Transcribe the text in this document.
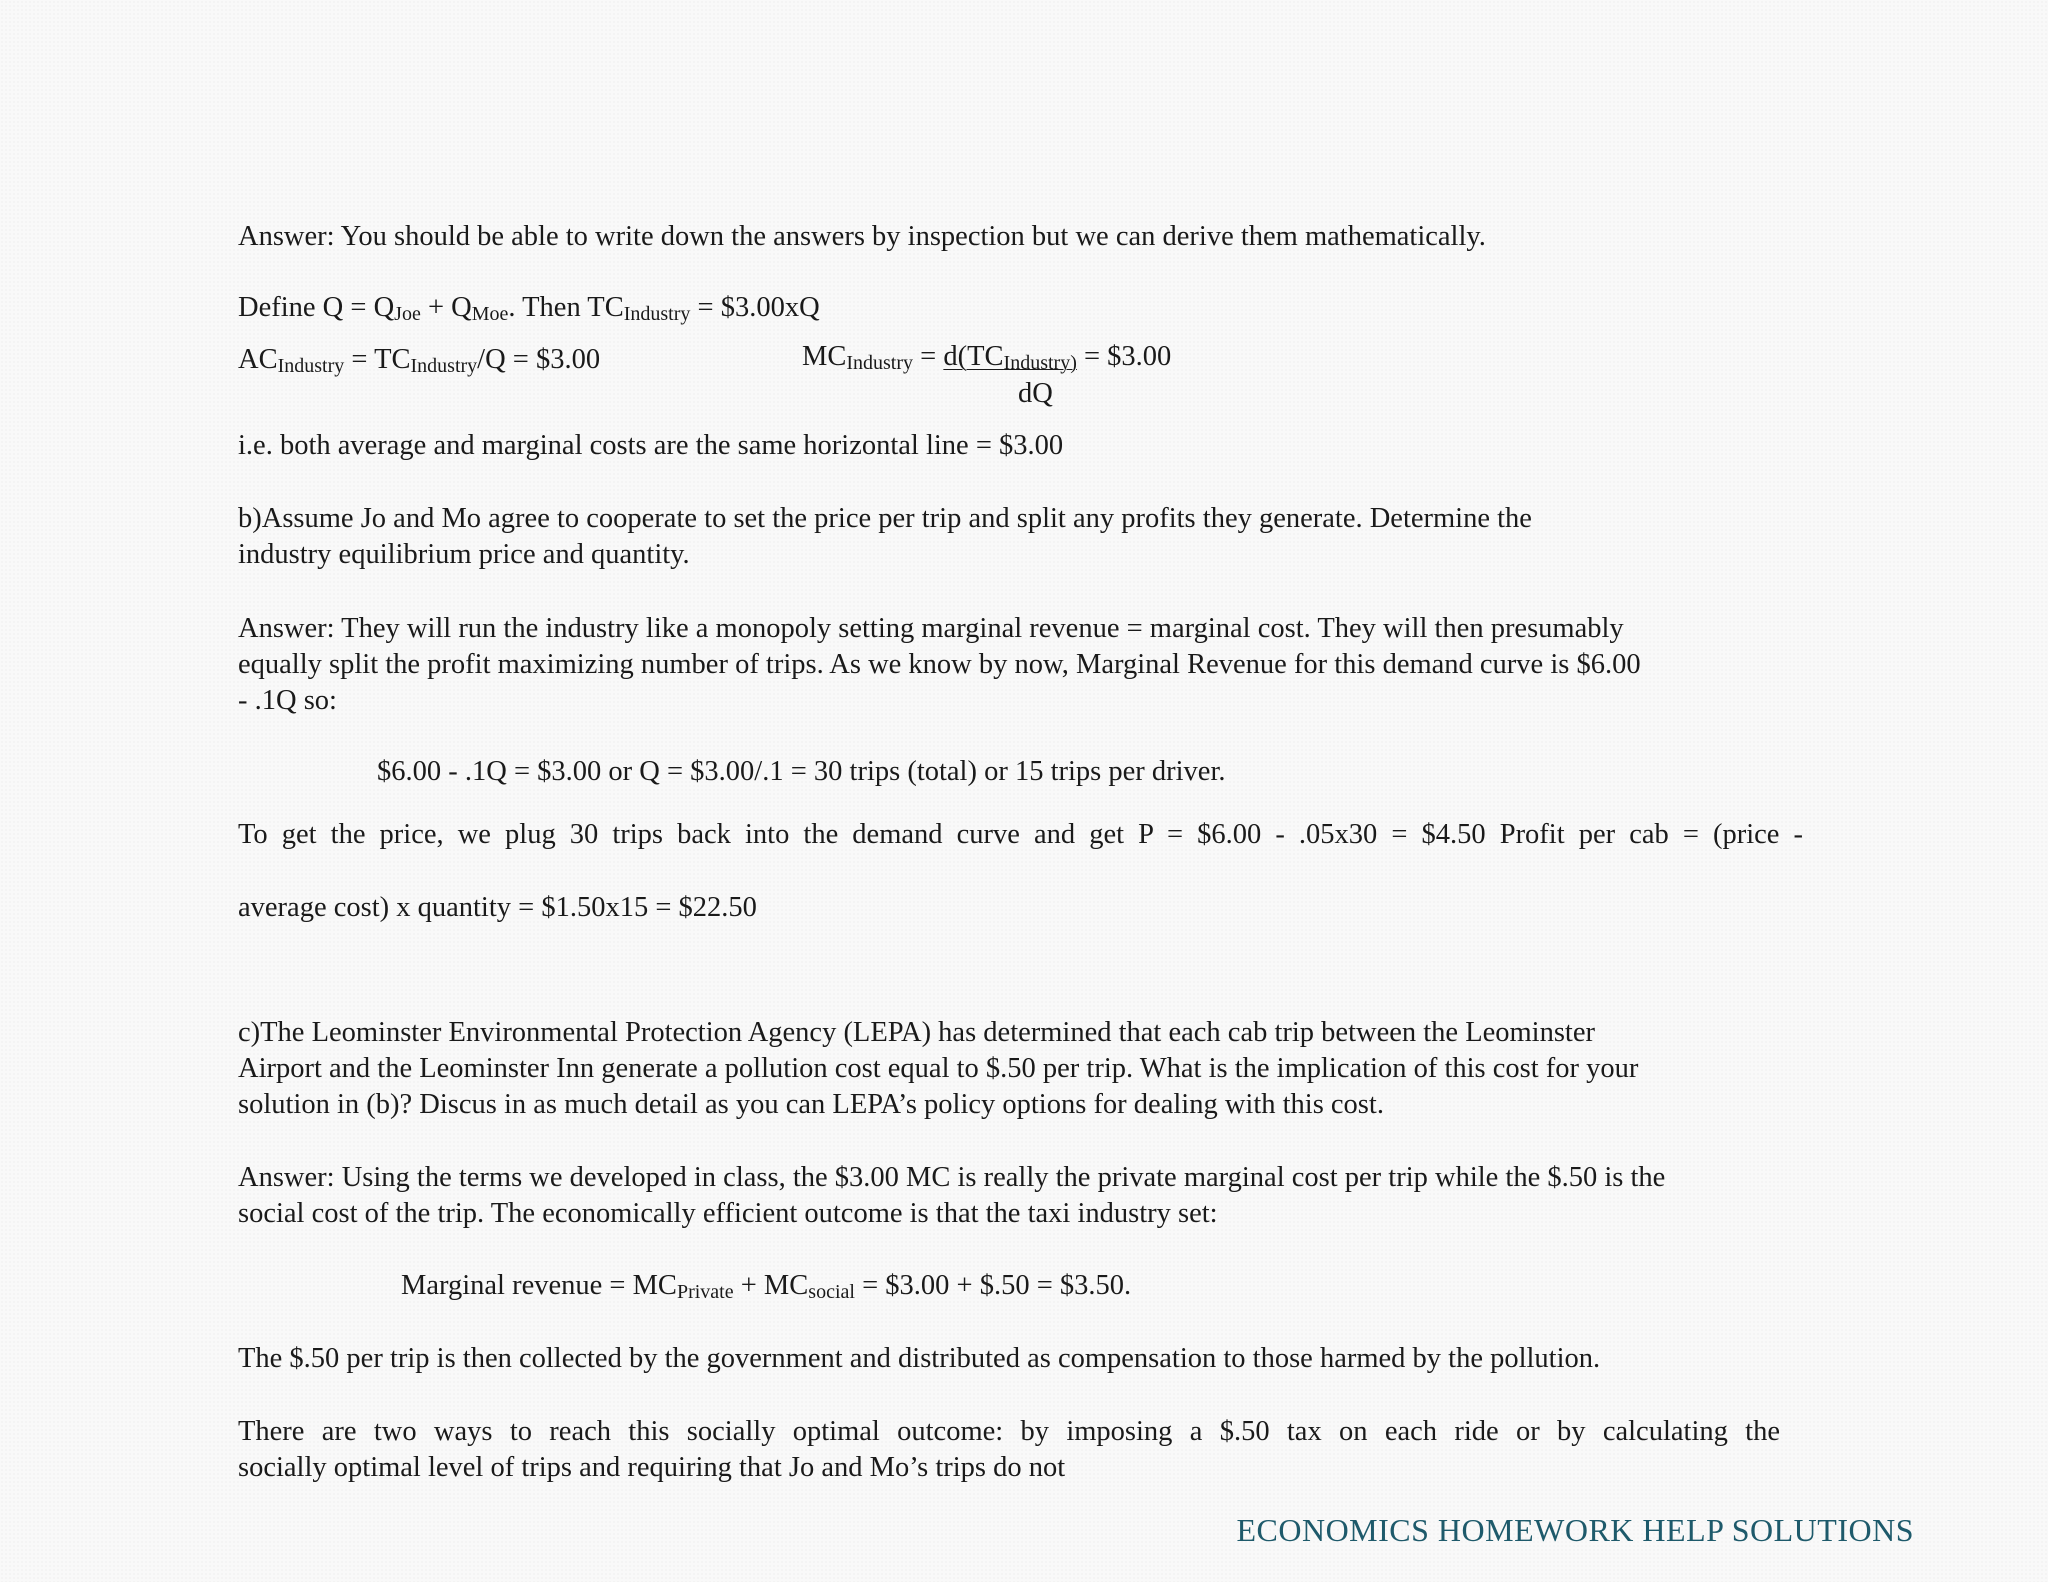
Answer: You should be able to write down the answers by inspection but we can derive them mathematically.
Define $Q = Q_{Joe} + Q_{Moe}$. Then $TC_{Industry}$ = $3.00xQ
$AC_{Industry} = TC_{Industry}/Q$ = $3.00	$MC_{Industry} = d(TC_{Industry)}$ = $3.00
dQ
i.e. both average and marginal costs are the same horizontal line = $3.00
b)Assume Jo and Mo agree to cooperate to set the price per trip and split any profits they generate. Determine the
industry equilibrium price and quantity.
Answer: They will run the industry like a monopoly setting marginal revenue = marginal cost. They will then presumably
equally split the profit maximizing number of trips. As we know by now, Marginal Revenue for this demand curve is $6.00
- .1Q so:
$6.00 - .1Q = $3.00 or Q = $3.00/.1 = 30 trips (total) or 15 trips per driver.
To get the price, we plug 30 trips back into the demand curve and get P = $6.00 - .05x30 = $4.50 Profit per cab = (price -
average cost) x quantity = $1.50x15 = $22.50
c)The Leominster Environmental Protection Agency (LEPA) has determined that each cab trip between the Leominster
Airport and the Leominster Inn generate a pollution cost equal to $.50 per trip. What is the implication of this cost for your
solution in (b)? Discus in as much detail as you can LEPA’s policy options for dealing with this cost.
Answer: Using the terms we developed in class, the $3.00 MC is really the private marginal cost per trip while the $.50 is the
social cost of the trip. The economically efficient outcome is that the taxi industry set:
Marginal revenue = $MC_{Private} + MC_{social}$ = $3.00 + $.50 = $3.50.
The $.50 per trip is then collected by the government and distributed as compensation to those harmed by the pollution.
There are two ways to reach this socially optimal outcome: by imposing a $.50 tax on each ride or by calculating the
socially optimal level of trips and requiring that Jo and Mo’s trips do not
ECONOMICS HOMEWORK HELP SOLUTIONS
